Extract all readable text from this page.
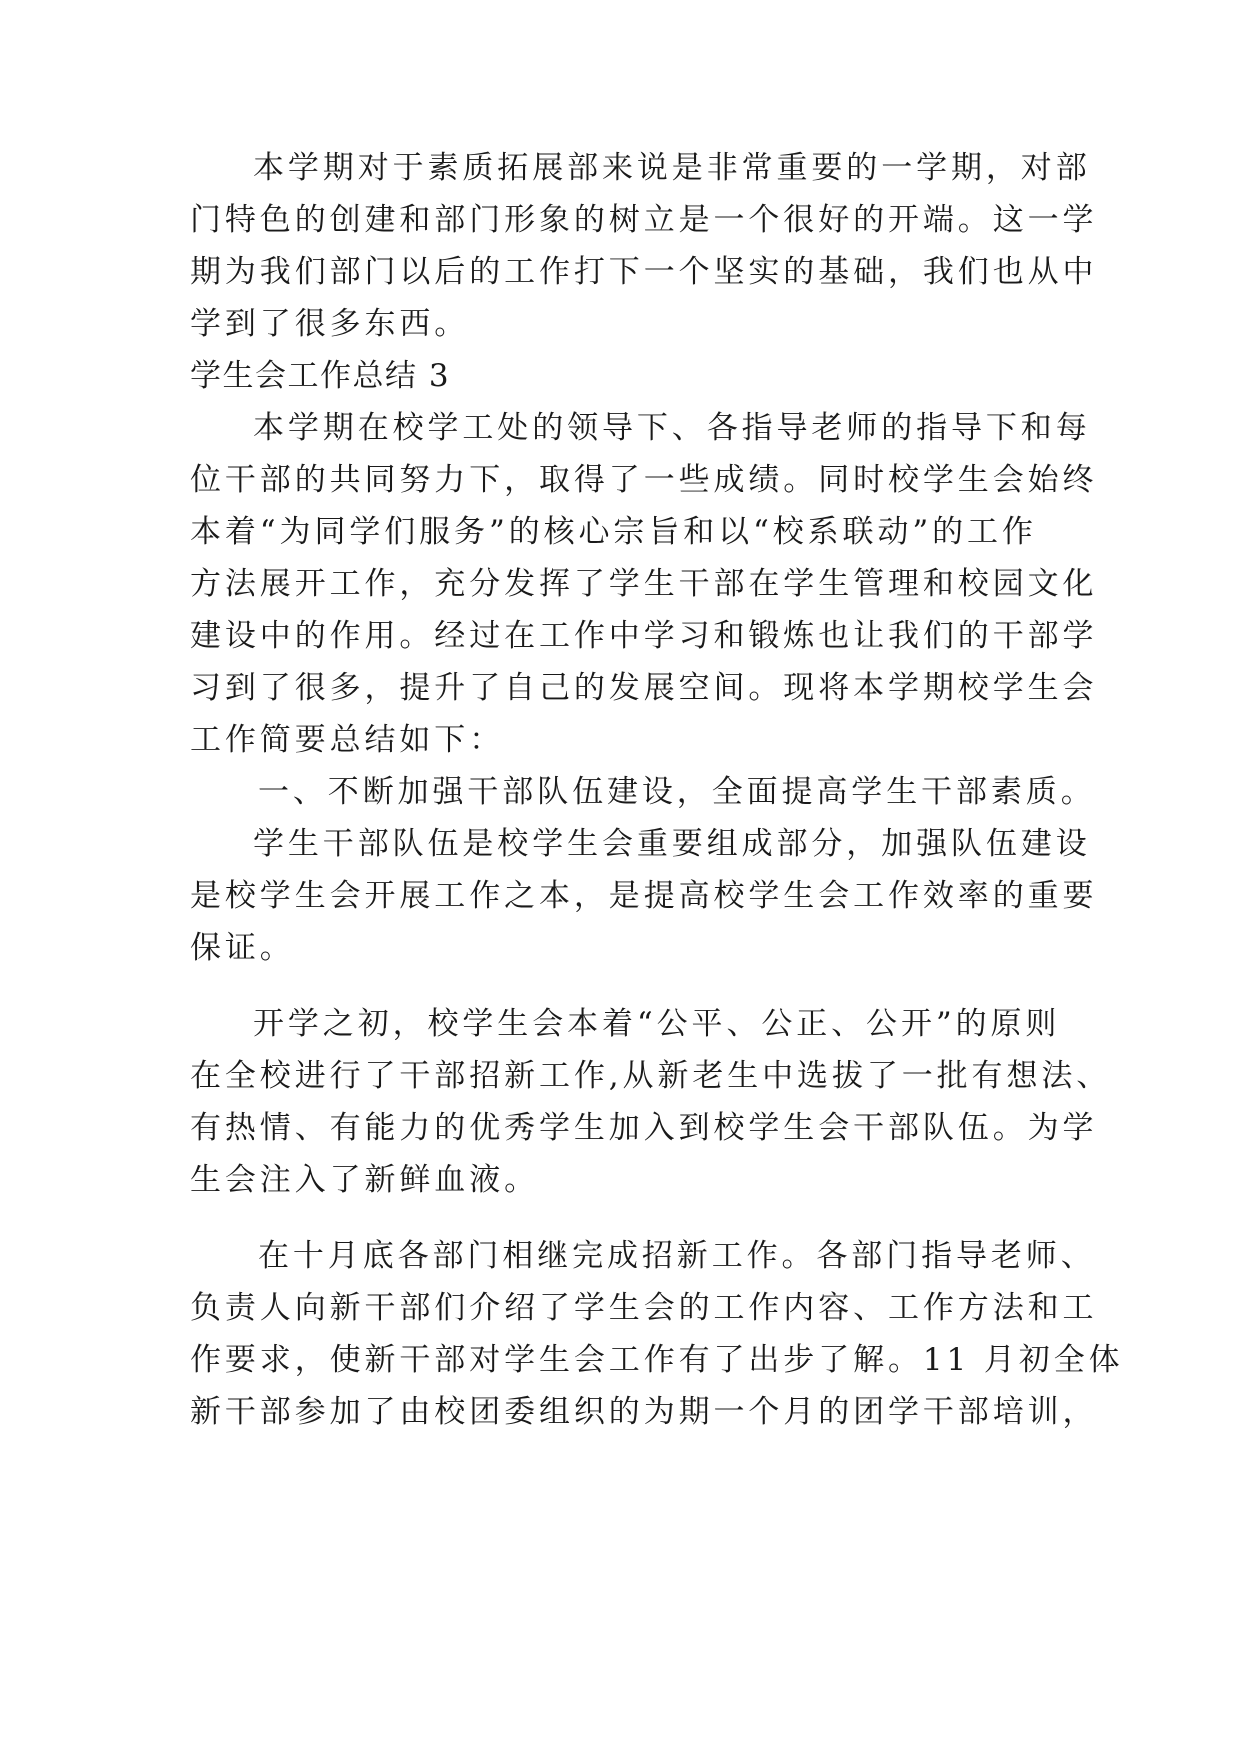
本学期对于素质拓展部来说是非常重要的一学期，对部
门特色的创建和部门形象的树立是一个很好的开端。这一学
期为我们部门以后的工作打下一个坚实的基础，我们也从中
学到了很多东西。
学生会工作总结 3
本学期在校学工处的领导下、各指导老师的指导下和每
位干部的共同努力下，取得了一些成绩。同时校学生会始终
本着“为同学们服务”的核心宗旨和以“校系联动”的工作
方法展开工作，充分发挥了学生干部在学生管理和校园文化
建设中的作用。经过在工作中学习和锻炼也让我们的干部学
习到了很多，提升了自己的发展空间。现将本学期校学生会
工作简要总结如下：
一、不断加强干部队伍建设，全面提高学生干部素质。
学生干部队伍是校学生会重要组成部分，加强队伍建设
是校学生会开展工作之本，是提高校学生会工作效率的重要
保证。
开学之初，校学生会本着“公平、公正、公开”的原则
在全校进行了干部招新工作,从新老生中选拔了一批有想法、
有热情、有能力的优秀学生加入到校学生会干部队伍。为学
生会注入了新鲜血液。
在十月底各部门相继完成招新工作。各部门指导老师、
负责人向新干部们介绍了学生会的工作内容、工作方法和工
作要求，使新干部对学生会工作有了出步了解。11 月初全体
新干部参加了由校团委组织的为期一个月的团学干部培训，
